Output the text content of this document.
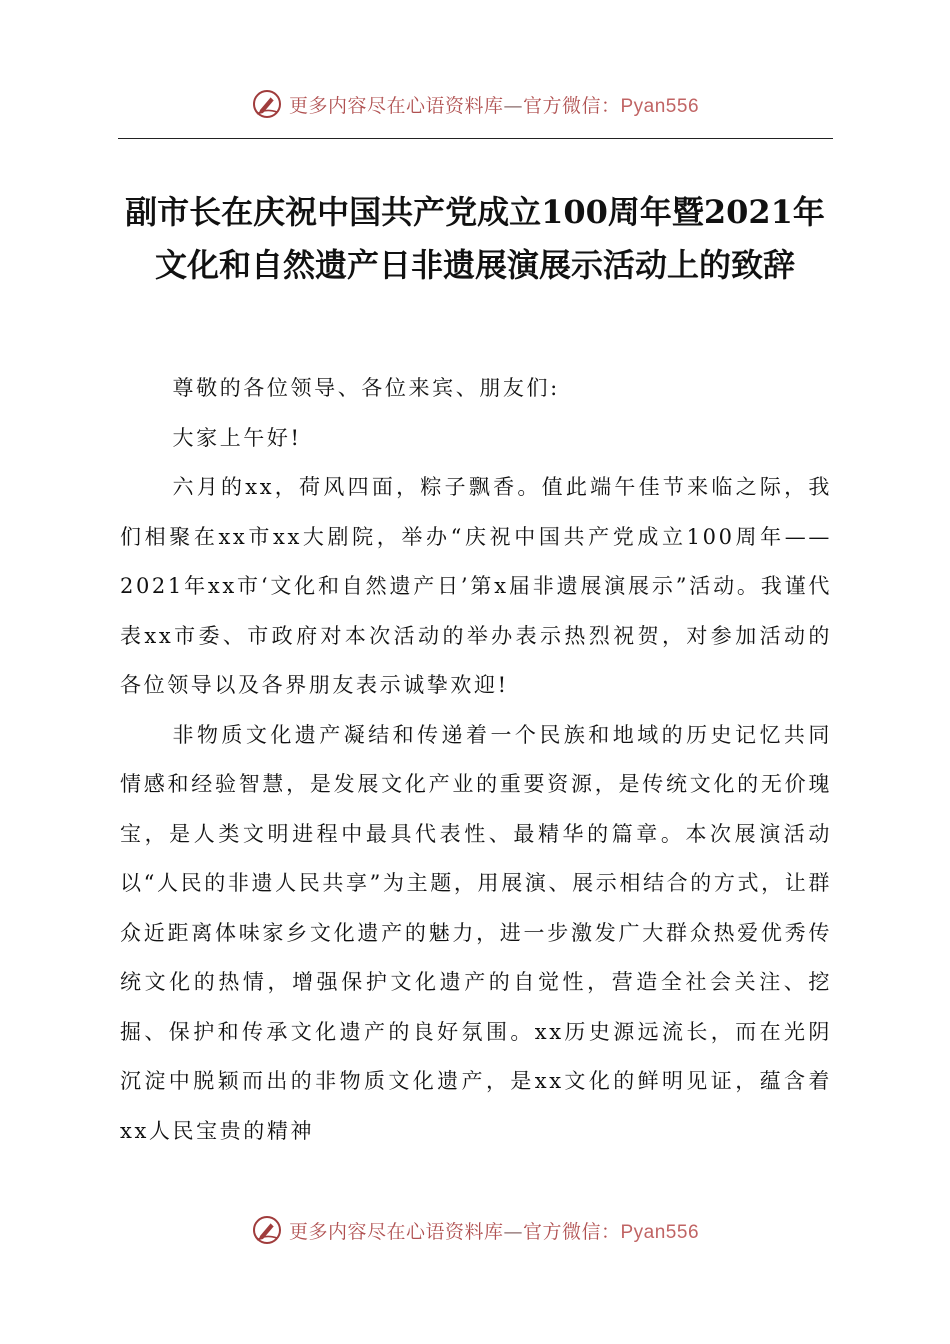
更多内容尽在心语资料库—官方微信：Pyan556
副市长在庆祝中国共产党成立100周年暨2021年文化和自然遗产日非遗展演展示活动上的致辞

尊敬的各位领导、各位来宾、朋友们:

大家上午好!

六月的xx，荷风四面，粽子飘香。值此端午佳节来临之际，我们相聚在xx市xx大剧院，举办“庆祝中国共产党成立100周年——2021年xx市‘文化和自然遗产日’第x届非遗展演展示”活动。我谨代表xx市委、市政府对本次活动的举办表示热烈祝贺，对参加活动的各位领导以及各界朋友表示诚挚欢迎!

非物质文化遗产凝结和传递着一个民族和地域的历史记忆共同情感和经验智慧，是发展文化产业的重要资源，是传统文化的无价瑰宝，是人类文明进程中最具代表性、最精华的篇章。本次展演活动以“人民的非遗人民共享”为主题，用展演、展示相结合的方式，让群众近距离体味家乡文化遗产的魅力，进一步激发广大群众热爱优秀传统文化的热情，增强保护文化遗产的自觉性，营造全社会关注、挖掘、保护和传承文化遗产的良好氛围。xx历史源远流长，而在光阴沉淀中脱颖而出的非物质文化遗产，是xx文化的鲜明见证，蕴含着xx人民宝贵的精神

更多内容尽在心语资料库—官方微信：Pyan556
